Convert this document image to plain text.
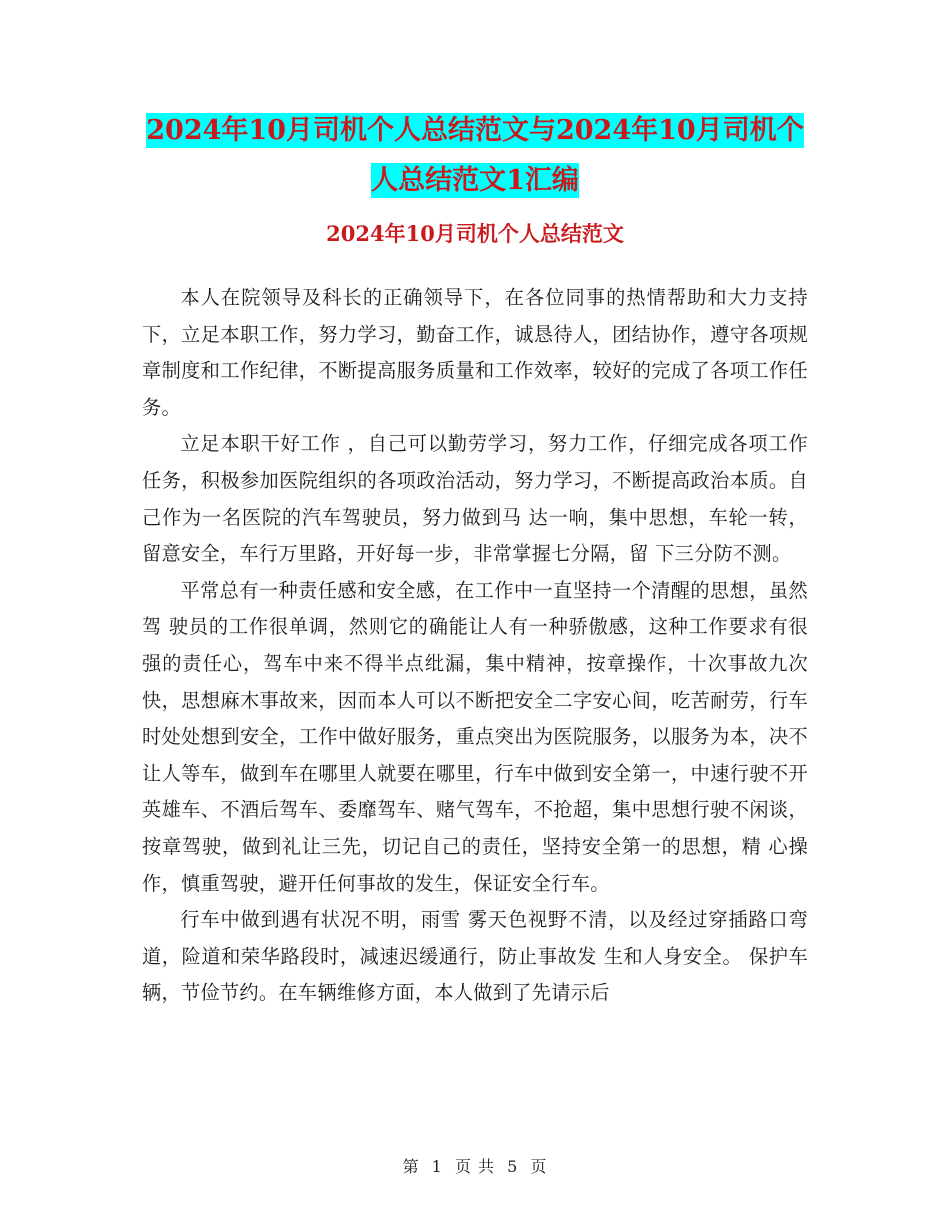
2024年10月司机个人总结范文与2024年10月司机个
人总结范文1汇编
2024年10月司机个人总结范文

本人在院领导及科长的正确领导下，在各位同事的热情帮助和大力支持下，立足本职工作，努力学习，勤奋工作，诚恳待人，团结协作，遵守各项规章制度和工作纪律，不断提高服务质量和工作效率，较好的完成了各项工作任务。

立足本职干好工作 ，自己可以勤劳学习，努力工作，仔细完成各项工作任务，积极参加医院组织的各项政治活动，努力学习，不断提高政治本质。自己作为一名医院的汽车驾驶员，努力做到马 达一响，集中思想，车轮一转，留意安全，车行万里路，开好每一步，非常掌握七分隔，留 下三分防不测。

平常总有一种责任感和安全感，在工作中一直坚持一个清醒的思想，虽然驾 驶员的工作很单调，然则它的确能让人有一种骄傲感，这种工作要求有很强的责任心，驾车中来不得半点纰漏，集中精神，按章操作，十次事故九次快，思想麻木事故来，因而本人可以不断把安全二字安心间，吃苦耐劳，行车时处处想到安全，工作中做好服务，重点突出为医院服务，以服务为本，决不让人等车，做到车在哪里人就要在哪里，行车中做到安全第一，中速行驶不开英雄车、不酒后驾车、委靡驾车、赌气驾车，不抢超，集中思想行驶不闲谈，按章驾驶，做到礼让三先，切记自己的责任，坚持安全第一的思想，精 心操作，慎重驾驶，避开任何事故的发生，保证安全行车。

行车中做到遇有状况不明，雨雪 雾天色视野不清，以及经过穿插路口弯道，险道和荣华路段时，减速迟缓通行，防止事故发 生和人身安全。 保护车辆，节俭节约。在车辆维修方面，本人做到了先请示后

第 1 页 共 5 页
